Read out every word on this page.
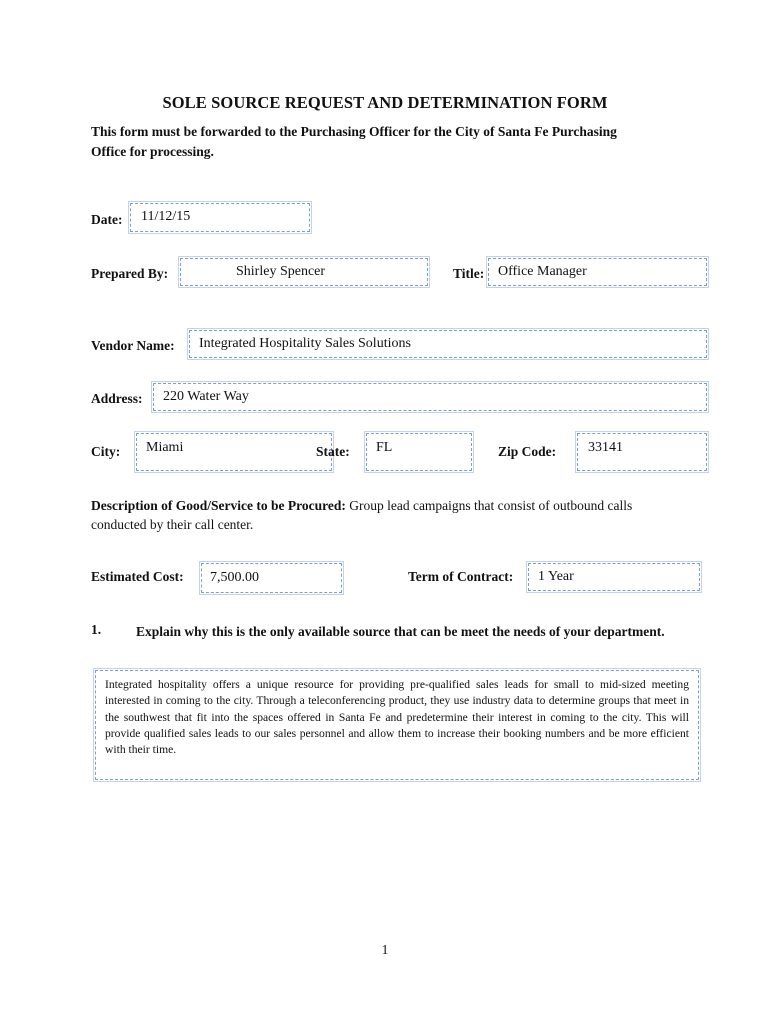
SOLE SOURCE REQUEST AND DETERMINATION FORM
This form must be forwarded to the Purchasing Officer for the City of Santa Fe Purchasing Office for processing.
Date: 11/12/15
Prepared By:	Shirley Spencer	Title: Office Manager
Vendor Name: Integrated Hospitality Sales Solutions
Address: 220 Water Way
City: Miami	State: FL	Zip Code: 33141
Description of Good/Service to be Procured: Group lead campaigns that consist of outbound calls conducted by their call center.
Estimated Cost: 7,500.00	Term of Contract: 1 Year
1.	Explain why this is the only available source that can be meet the needs of your department.
Integrated hospitality offers a unique resource for providing pre-qualified sales leads for small to mid-sized meeting interested in coming to the city. Through a teleconferencing product, they use industry data to determine groups that meet in the southwest that fit into the spaces offered in Santa Fe and predetermine their interest in coming to the city. This will provide qualified sales leads to our sales personnel and allow them to increase their booking numbers and be more efficient with their time.
1
